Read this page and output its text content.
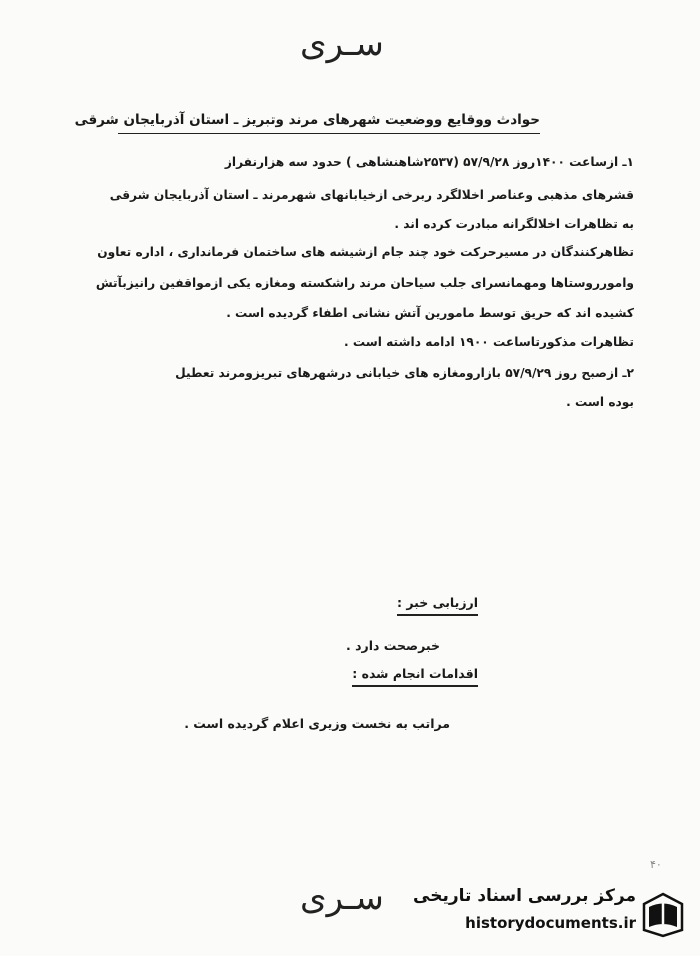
سـری
حوادث ووقایع ووضعیت شهرهای مرند وتبریز ـ استان آذربایجان شرقی
۱ـ ازساعت ۱۴۰۰روز ۵۷/۹/۲۸ (۲۵۳۷شاهنشاهی ) حدود سه هزارنفراز
قشرهای مذهبی وعناصر اخلالگرد ربرخی ازخیابانهای شهرمرند ـ استان آذربایجان شرقی
به تظاهرات اخلالگرانه مبادرت کرده اند .
تظاهرکنندگان در مسیرحرکت خود چند جام ازشیشه های ساختمان فرمانداری ، اداره تعاون
وامورروستاها ومهمانسرای جلب سیاحان مرند راشکسته ومغازه یکی ازمواقفین رانیزبآتش
کشیده اند که حریق توسط مامورین آتش نشانی اطفاء گردیده است .
تظاهرات مذکورتاساعت ۱۹۰۰ ادامه داشته است .
۲ـ ازصبح روز ۵۷/۹/۲۹ بازارومغازه های خیابانی درشهرهای تبریزومرند تعطیل
بوده است .
ارزیابی خبر :
خبرصحت دارد .
اقدامات انجام شده :
مراتب به نخست وزیری اعلام گردیده است .
۴۰
سـری مرکز بررسی اسناد تاریخی
historydocuments.ir
